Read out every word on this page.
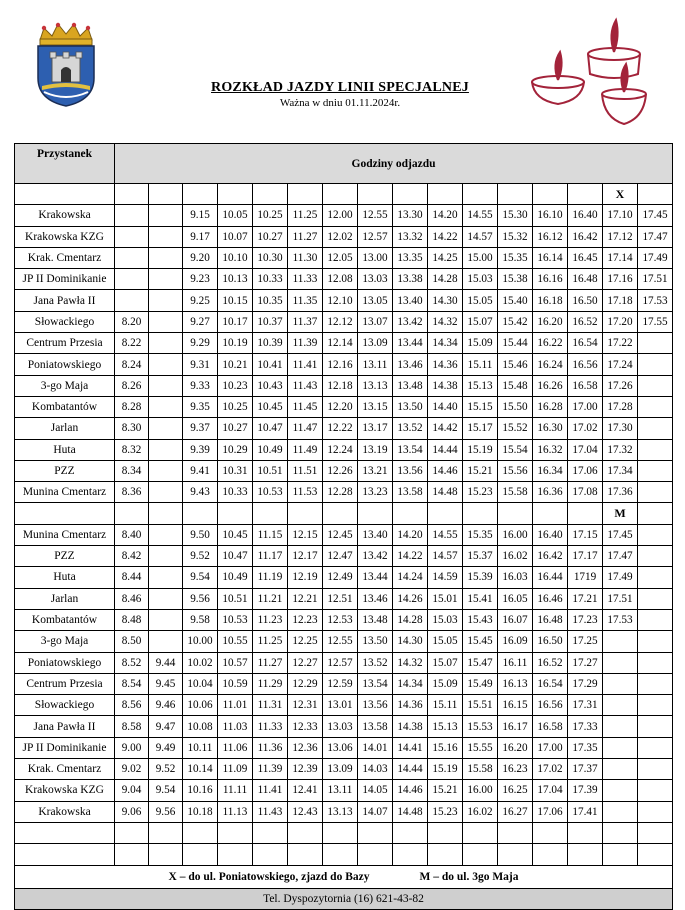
ROZKŁAD JAZDY LINII SPECJALNEJ
Ważna w dniu 01.11.2024r.
Przystanek	Godziny odjazdu															
															X	
Krakowska			9.15	10.05	10.25	11.25	12.00	12.55	13.30	14.20	14.55	15.30	16.10	16.40	17.10	17.45
Krakowska KZG			9.17	10.07	10.27	11.27	12.02	12.57	13.32	14.22	14.57	15.32	16.12	16.42	17.12	17.47
Krak. Cmentarz			9.20	10.10	10.30	11.30	12.05	13.00	13.35	14.25	15.00	15.35	16.14	16.45	17.14	17.49
JP II Dominikanie			9.23	10.13	10.33	11.33	12.08	13.03	13.38	14.28	15.03	15.38	16.16	16.48	17.16	17.51
Jana Pawła II			9.25	10.15	10.35	11.35	12.10	13.05	13.40	14.30	15.05	15.40	16.18	16.50	17.18	17.53
Słowackiego	8.20		9.27	10.17	10.37	11.37	12.12	13.07	13.42	14.32	15.07	15.42	16.20	16.52	17.20	17.55
Centrum Przesia	8.22		9.29	10.19	10.39	11.39	12.14	13.09	13.44	14.34	15.09	15.44	16.22	16.54	17.22	
Poniatowskiego	8.24		9.31	10.21	10.41	11.41	12.16	13.11	13.46	14.36	15.11	15.46	16.24	16.56	17.24	
3-go Maja	8.26		9.33	10.23	10.43	11.43	12.18	13.13	13.48	14.38	15.13	15.48	16.26	16.58	17.26	
Kombatantów	8.28		9.35	10.25	10.45	11.45	12.20	13.15	13.50	14.40	15.15	15.50	16.28	17.00	17.28	
Jarlan	8.30		9.37	10.27	10.47	11.47	12.22	13.17	13.52	14.42	15.17	15.52	16.30	17.02	17.30	
Huta	8.32		9.39	10.29	10.49	11.49	12.24	13.19	13.54	14.44	15.19	15.54	16.32	17.04	17.32	
PZZ	8.34		9.41	10.31	10.51	11.51	12.26	13.21	13.56	14.46	15.21	15.56	16.34	17.06	17.34	
Munina Cmentarz	8.36		9.43	10.33	10.53	11.53	12.28	13.23	13.58	14.48	15.23	15.58	16.36	17.08	17.36	
															M	
Munina Cmentarz	8.40		9.50	10.45	11.15	12.15	12.45	13.40	14.20	14.55	15.35	16.00	16.40	17.15	17.45	
PZZ	8.42		9.52	10.47	11.17	12.17	12.47	13.42	14.22	14.57	15.37	16.02	16.42	17.17	17.47	
Huta	8.44		9.54	10.49	11.19	12.19	12.49	13.44	14.24	14.59	15.39	16.03	16.44	1719	17.49	
Jarlan	8.46		9.56	10.51	11.21	12.21	12.51	13.46	14.26	15.01	15.41	16.05	16.46	17.21	17.51	
Kombatantów	8.48		9.58	10.53	11.23	12.23	12.53	13.48	14.28	15.03	15.43	16.07	16.48	17.23	17.53	
3-go Maja	8.50		10.00	10.55	11.25	12.25	12.55	13.50	14.30	15.05	15.45	16.09	16.50	17.25		
Poniatowskiego	8.52	9.44	10.02	10.57	11.27	12.27	12.57	13.52	14.32	15.07	15.47	16.11	16.52	17.27		
Centrum Przesia	8.54	9.45	10.04	10.59	11.29	12.29	12.59	13.54	14.34	15.09	15.49	16.13	16.54	17.29		
Słowackiego	8.56	9.46	10.06	11.01	11.31	12.31	13.01	13.56	14.36	15.11	15.51	16.15	16.56	17.31		
Jana Pawła II	8.58	9.47	10.08	11.03	11.33	12.33	13.03	13.58	14.38	15.13	15.53	16.17	16.58	17.33		
JP II Dominikanie	9.00	9.49	10.11	11.06	11.36	12.36	13.06	14.01	14.41	15.16	15.55	16.20	17.00	17.35		
Krak. Cmentarz	9.02	9.52	10.14	11.09	11.39	12.39	13.09	14.03	14.44	15.19	15.58	16.23	17.02	17.37		
Krakowska KZG	9.04	9.54	10.16	11.11	11.41	12.41	13.11	14.05	14.46	15.21	16.00	16.25	17.04	17.39		
Krakowska	9.06	9.56	10.18	11.13	11.43	12.43	13.13	14.07	14.48	15.23	16.02	16.27	17.06	17.41		

X – do ul. Poniatowskiego, zjazd do Bazy M – do ul. 3go Maja																
Tel. Dyspozytornia (16) 621-43-82																
